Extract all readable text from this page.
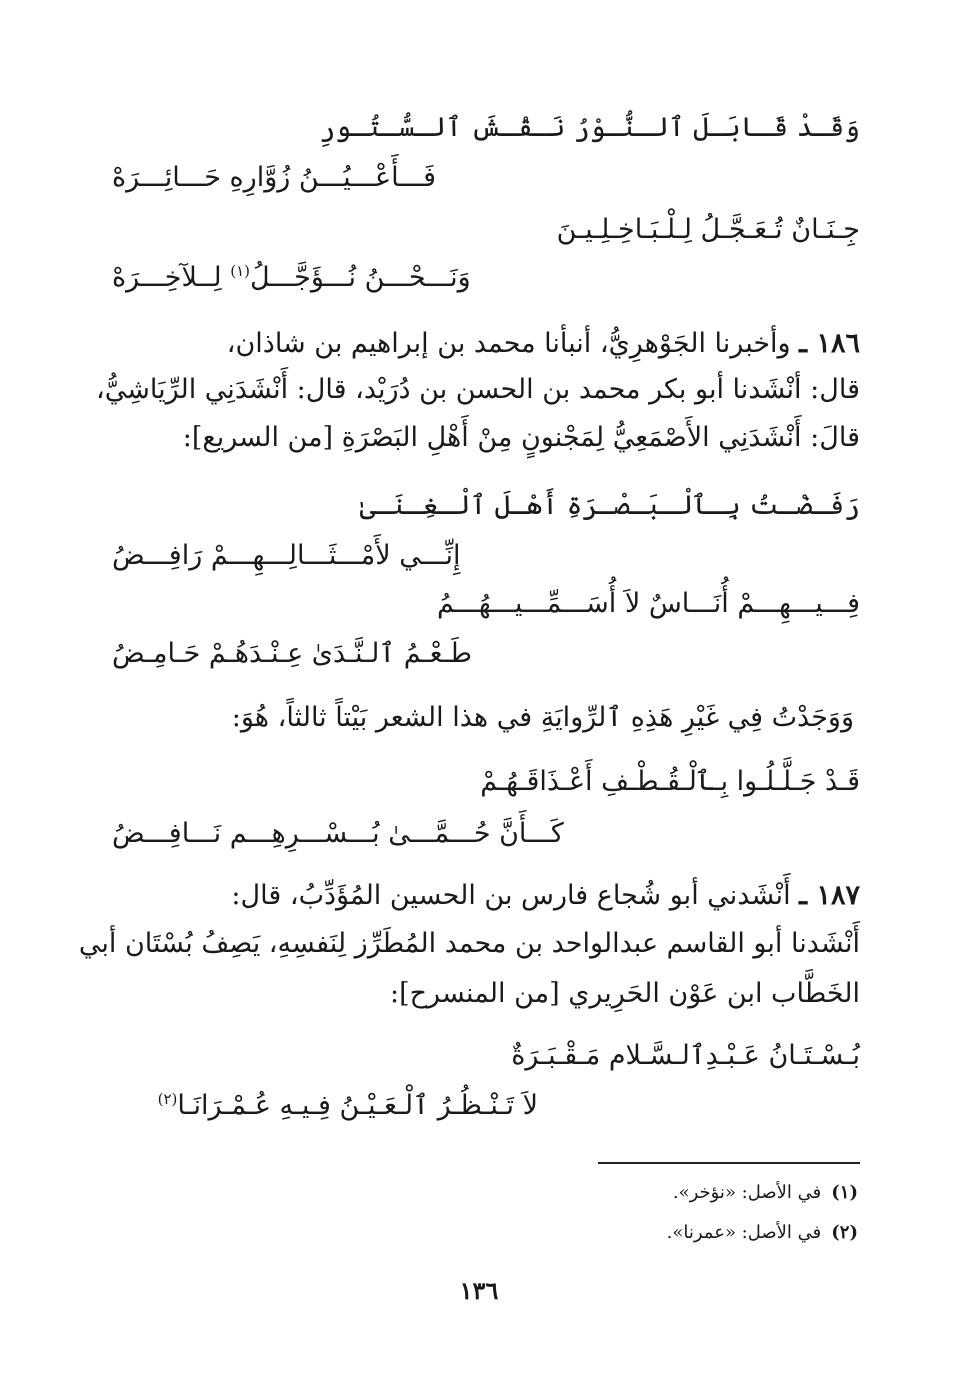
وَقَـدْ قَـابَـلَ ٱلـنُّـوْرُ نَـقْـشَ ٱلـسُّـتُـورِ
فَـــأَعْـــيُـــنُ زُوَّارِهِ حَـــائِـــرَهْ
جِـنَـانٌ تُـعَـجَّـلُ لِـلْـبَـاخِـلِـيـنَ
وَنَـــحْـــنُ نُـــؤَجَّـــلُ$^{(١)}$ لِــلآخِـــرَهْ
١٨٦ ـ وأخبرنا الجَوْهرِيُّ، أنبأنا محمد بن إبراهيم بن شاذان،
قال: أنْشَدنا أبو بكر محمد بن الحسن بن دُرَيْد، قال: أَنْشَدَنِي الرِّيَاشِيُّ،
قالَ: أَنْشَدَنِي الأَصْمَعِيُّ لِمَجْنونٍ مِنْ أَهْلِ البَصْرَةِ [من السريع]:
رَفَـضْـتُ بِـٱلْـبَـصْـرَةِ أَهْـلَ ٱلْـغِـنَـىٰ
إِنِّـــي لأَمْـــثَـــالِـــهِـــمْ رَافِـــضُ
فِـــيـــهِـــمْ أُنَـــاسٌ لاَ أُسَـــمِّـــيـــهُـــمُ
طَـعْـمُ ٱلـنَّـدَىٰ عِـنْـدَهُـمْ حَـامِـضُ
وَوَجَدْتُ فِي غَيْرِ هَذِهِ ٱلرِّوايَةِ في هذا الشعر بَيْتاً ثالثاً، هُوَ:
قَـدْ جَـلَّـلُـوا بِـٱلْـقُـطْـفِ أَعْـذَاقَـهُـمْ
كَـــأَنَّ حُـــمَّـــىٰ بُـــسْـــرِهِـــم نَـــافِـــضُ
١٨٧ ـ أَنْشَدني أبو شُجاع فارس بن الحسين المُؤَدِّبُ، قال:
أَنْشَدنا أبو القاسم عبدالواحد بن محمد المُطَرِّز لِنَفسِهِ، يَصِفُ بُسْتَان أبي
الخَطَّاب ابن عَوْن الحَرِيري [من المنسرح]:
بُـسْـتَـانُ عَـبْـدِٱلـسَّـلام مَـقْـبَـرَةٌ
لاَ تَـنْـظُـرُ ٱلْـعَـيْـنُ فِـيـهِ عُـمْـرَانَـا$^{(٢)}$
(١)في الأصل: «نؤخر».
(٢)في الأصل: «عمرنا».
١٣٦
